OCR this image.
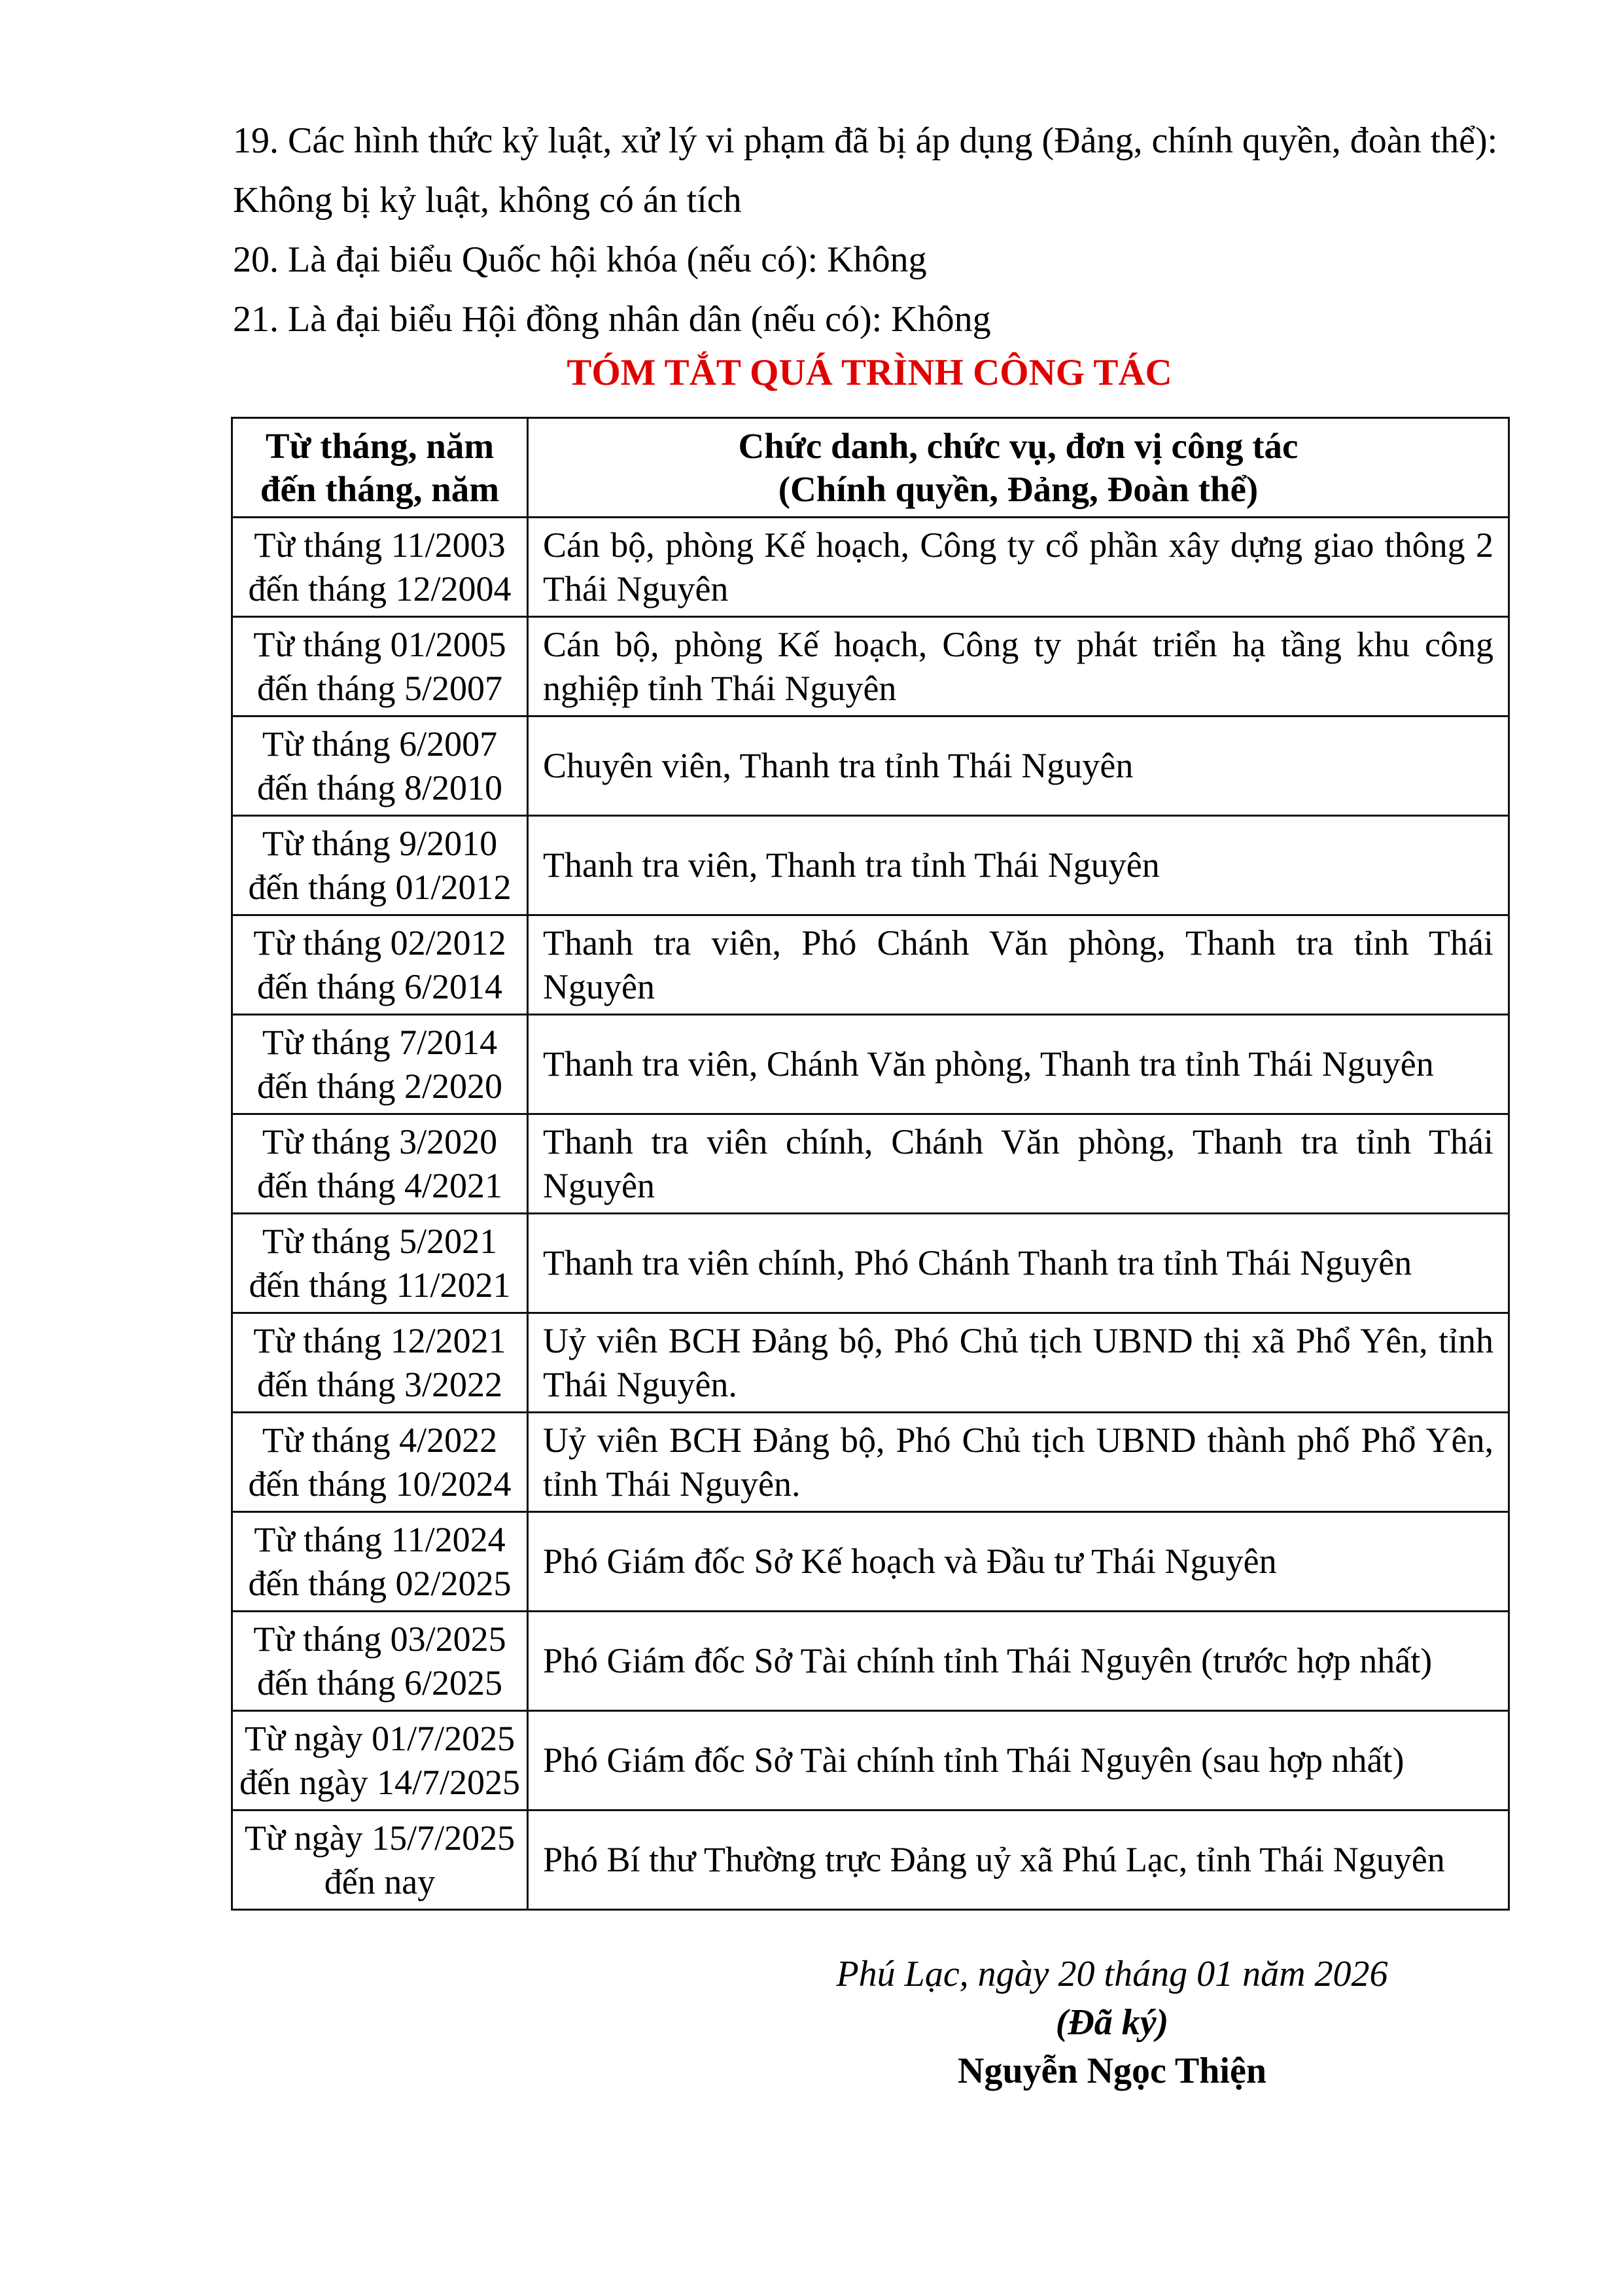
19. Các hình thức kỷ luật, xử lý vi phạm đã bị áp dụng (Đảng, chính quyền, đoàn thể):

Không bị kỷ luật, không có án tích

20. Là đại biểu Quốc hội khóa (nếu có): Không

21. Là đại biểu Hội đồng nhân dân (nếu có): Không

TÓM TẮT QUÁ TRÌNH CÔNG TÁC
Từ tháng, năm
đến tháng, năm	Chức danh, chức vụ, đơn vị công tác
(Chính quyền, Đảng, Đoàn thể)

Từ tháng 11/2003
đến tháng 12/2004	Cán bộ, phòng Kế hoạch, Công ty cổ phần xây dựng giao thông 2 Thái Nguyên

Từ tháng 01/2005
đến tháng 5/2007	Cán bộ, phòng Kế hoạch, Công ty phát triển hạ tầng khu công nghiệp tỉnh Thái Nguyên

Từ tháng 6/2007
đến tháng 8/2010	Chuyên viên, Thanh tra tỉnh Thái Nguyên

Từ tháng 9/2010
đến tháng 01/2012	Thanh tra viên, Thanh tra tỉnh Thái Nguyên

Từ tháng 02/2012
đến tháng 6/2014	Thanh tra viên, Phó Chánh Văn phòng, Thanh tra tỉnh Thái Nguyên

Từ tháng 7/2014
đến tháng 2/2020	Thanh tra viên, Chánh Văn phòng, Thanh tra tỉnh Thái Nguyên

Từ tháng 3/2020
đến tháng 4/2021	Thanh tra viên chính, Chánh Văn phòng, Thanh tra tỉnh Thái Nguyên

Từ tháng 5/2021
đến tháng 11/2021	Thanh tra viên chính, Phó Chánh Thanh tra tỉnh Thái Nguyên

Từ tháng 12/2021
đến tháng 3/2022	Uỷ viên BCH Đảng bộ, Phó Chủ tịch UBND thị xã Phổ Yên, tỉnh Thái Nguyên.

Từ tháng 4/2022
đến tháng 10/2024	Uỷ viên BCH Đảng bộ, Phó Chủ tịch UBND thành phố Phổ Yên, tỉnh Thái Nguyên.

Từ tháng 11/2024
đến tháng 02/2025	Phó Giám đốc Sở Kế hoạch và Đầu tư Thái Nguyên

Từ tháng 03/2025
đến tháng 6/2025	Phó Giám đốc Sở Tài chính tỉnh Thái Nguyên (trước hợp nhất)

Từ ngày 01/7/2025
đến ngày 14/7/2025	Phó Giám đốc Sở Tài chính tỉnh Thái Nguyên (sau hợp nhất)

Từ ngày 15/7/2025
đến nay	Phó Bí thư Thường trực Đảng uỷ xã Phú Lạc, tỉnh Thái Nguyên
Phú Lạc, ngày 20 tháng 01 năm 2026
(Đã ký)
Nguyễn Ngọc Thiện
